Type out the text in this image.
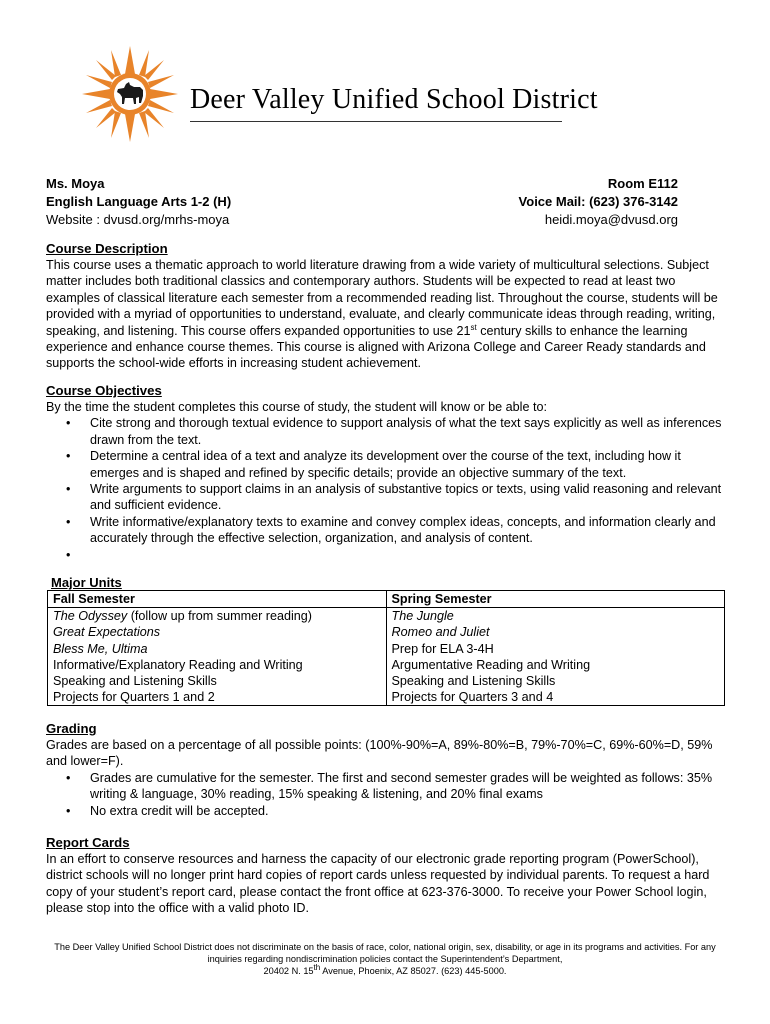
Deer Valley Unified School District
Ms. Moya
English Language Arts 1-2 (H)
Website : dvusd.org/mrhs-moya
Room E112
Voice Mail: (623) 376-3142
heidi.moya@dvusd.org
Course Description
This course uses a thematic approach to world literature drawing from a wide variety of multicultural selections. Subject matter includes both traditional classics and contemporary authors. Students will be expected to read at least two examples of classical literature each semester from a recommended reading list. Throughout the course, students will be provided with a myriad of opportunities to understand, evaluate, and clearly communicate ideas through reading, writing, speaking, and listening. This course offers expanded opportunities to use 21st century skills to enhance the learning experience and enhance course themes. This course is aligned with Arizona College and Career Ready standards and supports the school-wide efforts in increasing student achievement.
Course Objectives
By the time the student completes this course of study, the student will know or be able to:
• Cite strong and thorough textual evidence to support analysis of what the text says explicitly as well as inferences drawn from the text.
• Determine a central idea of a text and analyze its development over the course of the text, including how it emerges and is shaped and refined by specific details; provide an objective summary of the text.
• Write arguments to support claims in an analysis of substantive topics or texts, using valid reasoning and relevant and sufficient evidence.
• Write informative/explanatory texts to examine and convey complex ideas, concepts, and information clearly and accurately through the effective selection, organization, and analysis of content.
•
Major Units
Fall Semester	Spring Semester
The Odyssey (follow up from summer reading)	The Jungle
Great Expectations	Romeo and Juliet
Bless Me, Ultima	Prep for ELA 3-4H
Informative/Explanatory Reading and Writing	Argumentative Reading and Writing
Speaking and Listening Skills	Speaking and Listening Skills
Projects for Quarters 1 and 2	Projects for Quarters 3 and 4
Grading
Grades are based on a percentage of all possible points: (100%-90%=A, 89%-80%=B, 79%-70%=C, 69%-60%=D, 59% and lower=F).
• Grades are cumulative for the semester. The first and second semester grades will be weighted as follows: 35% writing & language, 30% reading, 15% speaking & listening, and 20% final exams
• No extra credit will be accepted.
Report Cards
In an effort to conserve resources and harness the capacity of our electronic grade reporting program (PowerSchool), district schools will no longer print hard copies of report cards unless requested by individual parents. To request a hard copy of your student’s report card, please contact the front office at 623-376-3000. To receive your Power School login, please stop into the office with a valid photo ID.
The Deer Valley Unified School District does not discriminate on the basis of race, color, national origin, sex, disability, or age in its programs and activities. For any inquiries regarding nondiscrimination policies contact the Superintendent’s Department,
20402 N. 15th Avenue, Phoenix, AZ 85027. (623) 445-5000.
